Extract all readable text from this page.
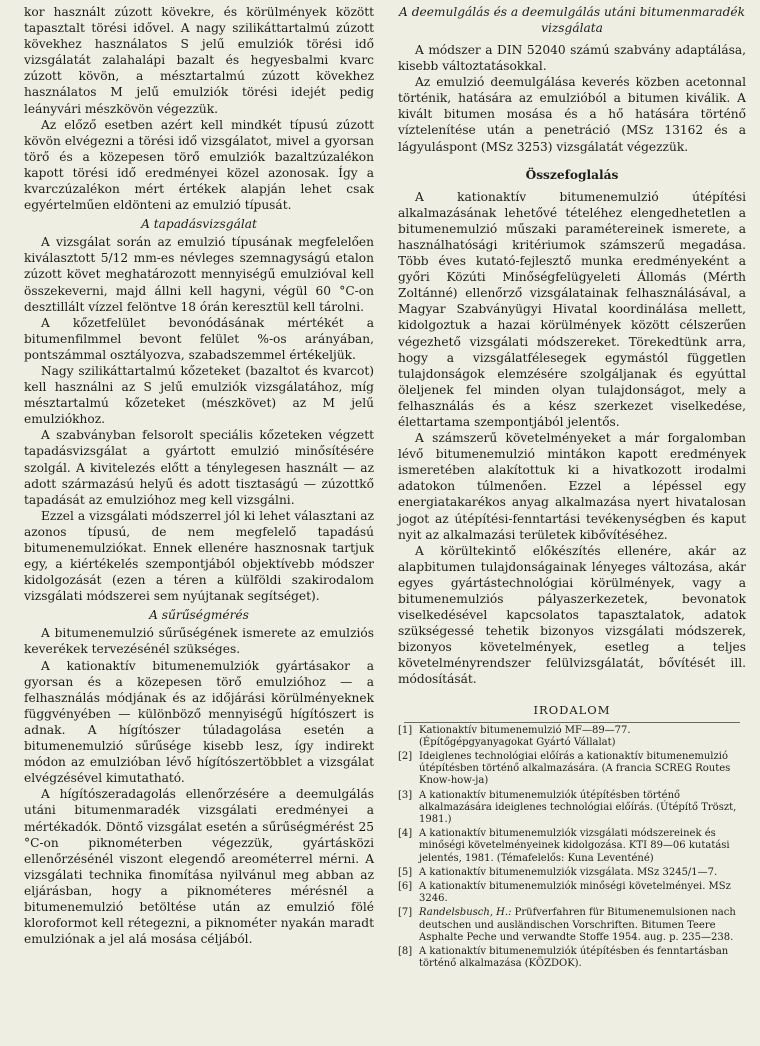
kor használt zúzott kövekre, és körülmények között tapasztalt törési idővel. A nagy szilikáttartalmú zúzott kövekhez használatos S jelű emulziók törési idő vizsgálatát zalahalápi bazalt és hegyesbalmi kvarc zúzott kövön, a mésztartalmú zúzott kövekhez használatos M jelű emulziók törési idejét pedig leányvári mészkövön végezzük.

Az előző esetben azért kell mindkét típusú zúzott kövön elvégezni a törési idő vizsgálatot, mivel a gyorsan törő és a közepesen törő emulziók bazaltzúzalékon kapott törési idő eredményei közel azonosak. Így a kvarczúzalékon mért értékek alapján lehet csak egyértelműen eldönteni az emulzió típusát.

A tapadásvizsgálat

A vizsgálat során az emulzió típusának megfelelően kiválasztott 5/12 mm-es névleges szemnagyságú etalon zúzott követ meghatározott mennyiségű emulzióval kell összekeverni, majd állni kell hagyni, végül 60 °C-on desztillált vízzel felöntve 18 órán keresztül kell tárolni.

A kőzetfelület bevonódásának mértékét a bitumenfilmmel bevont felület %-os arányában, pontszámmal osztályozva, szabadszemmel értékeljük.

Nagy szilikáttartalmú kőzeteket (bazaltot és kvarcot) kell használni az S jelű emulziók vizsgálatához, míg mésztartalmú kőzeteket (mészkövet) az M jelű emulziókhoz.

A szabványban felsorolt speciális kőzeteken végzett tapadásvizsgálat a gyártott emulzió minősítésére szolgál. A kivitelezés előtt a ténylegesen használt — az adott származású helyű és adott tisztaságú — zúzottkő tapadását az emulzióhoz meg kell vizsgálni.

Ezzel a vizsgálati módszerrel jól ki lehet választani az azonos típusú, de nem megfelelő tapadású bitumenemulziókat. Ennek ellenére hasznosnak tartjuk egy, a kiértékelés szempontjából objektívebb módszer kidolgozását (ezen a téren a külföldi szakirodalom vizsgálati módszerei sem nyújtanak segítséget).

A sűrűségmérés

A bitumenemulzió sűrűségének ismerete az emulziós keverékek tervezésénél szükséges.

A kationaktív bitumenemulziók gyártásakor a gyorsan és a közepesen törő emulzióhoz — a felhasználás módjának és az időjárási körülményeknek függvényében — különböző mennyiségű hígítószert is adnak. A hígítószer túladagolása esetén a bitumenemulzió sűrűsége kisebb lesz, így indirekt módon az emulzióban lévő hígítószertöbblet a vizsgálat elvégzésével kimutatható.

A hígítószeradagolás ellenőrzésére a deemulgálás utáni bitumenmaradék vizsgálati eredményei a mértékadók. Döntő vizsgálat esetén a sűrűségmérést 25 °C-on piknométerben végezzük, gyártásközi ellenőrzésénél viszont elegendő areométerrel mérni. A vizsgálati technika finomítása nyilvánul meg abban az eljárásban, hogy a piknométeres mérésnél a bitumenemulzió betöltése után az emulzió fölé kloroformot kell rétegezni, a piknométer nyakán maradt emulziónak a jel alá mosása céljából.

A deemulgálás és a deemulgálás utáni bitumenmaradék vizsgálata

A módszer a DIN 52040 számú szabvány adaptálása, kisebb változtatásokkal.

Az emulzió deemulgálása keverés közben acetonnal történik, hatására az emulzióból a bitumen kiválik. A kivált bitumen mosása és a hő hatására történő víztelenítése után a penetráció (MSz 13162 és a lágyuláspont (MSz 3253) vizsgálatát végezzük.

Összefoglalás

A kationaktív bitumenemulzió útépítési alkalmazásának lehetővé tételéhez elengedhetetlen a bitumenemulzió műszaki paramétereinek ismerete, a használhatósági kritériumok számszerű megadása. Több éves kutató-fejlesztő munka eredményeként a győri Közúti Minőségfelügyeleti Állomás (Mérth Zoltánné) ellenőrző vizsgálatainak felhasználásával, a Magyar Szabványügyi Hivatal koordinálása mellett, kidolgoztuk a hazai körülmények között célszerűen végezhető vizsgálati módszereket. Törekedtünk arra, hogy a vizsgálatfélesegek egymástól független tulajdonságok elemzésére szolgáljanak és egyúttal öleljenek fel minden olyan tulajdonságot, mely a felhasználás és a kész szerkezet viselkedése, élettartama szempontjából jelentős.

A számszerű követelményeket a már forgalomban lévő bitumenemulzió mintákon kapott eredmények ismeretében alakítottuk ki a hivatkozott irodalmi adatokon túlmenően. Ezzel a lépéssel egy energiatakarékos anyag alkalmazása nyert hivatalosan jogot az útépítési-fenntartási tevékenységben és kaput nyit az alkalmazási területek kibővítéséhez.

A körültekintő előkészítés ellenére, akár az alapbitumen tulajdonságainak lényeges változása, akár egyes gyártástechnológiai körülmények, vagy a bitumenemulziós pályaszerkezetek, bevonatok viselkedésével kapcsolatos tapasztalatok, adatok szükségessé tehetik bizonyos vizsgálati módszerek, bizonyos követelmények, esetleg a teljes követelményrendszer felülvizsgálatát, bővítését ill. módosítását.

IRODALOM
[1] Kationaktív bitumenemulzió MF—89—77. (Építőgépgyanyagokat Gyártó Vállalat)
[2] Ideiglenes technológiai előírás a kationaktív bitumenemulzió útépítésben történő alkalmazására. (A francia SCREG Routes Know-how-ja)
[3] A kationaktív bitumenemulziók útépítésben történő alkalmazására ideiglenes technológiai előírás. (Útépítő Tröszt, 1981.)
[4] A kationaktív bitumenemulziók vizsgálati módszereinek és minőségi követelményeinek kidolgozása. KTI 89—06 kutatási jelentés, 1981. (Témafelelős: Kuna Leventéné)
[5] A kationaktív bitumenemulziók vizsgálata. MSz 3245/1—7.
[6] A kationaktív bitumenemulziók minőségi követelményei. MSz 3246.
[7] Randelsbusch, H.: Prüfverfahren für Bitumenemulsionen nach deutschen und ausländischen Vorschriften. Bitumen Teere Asphalte Peche und verwandte Stoffe 1954. aug. p. 235—238.
[8] A kationaktív bitumenemulziók útépítésben és fenntartásban történő alkalmazása (KÖZDOK).
